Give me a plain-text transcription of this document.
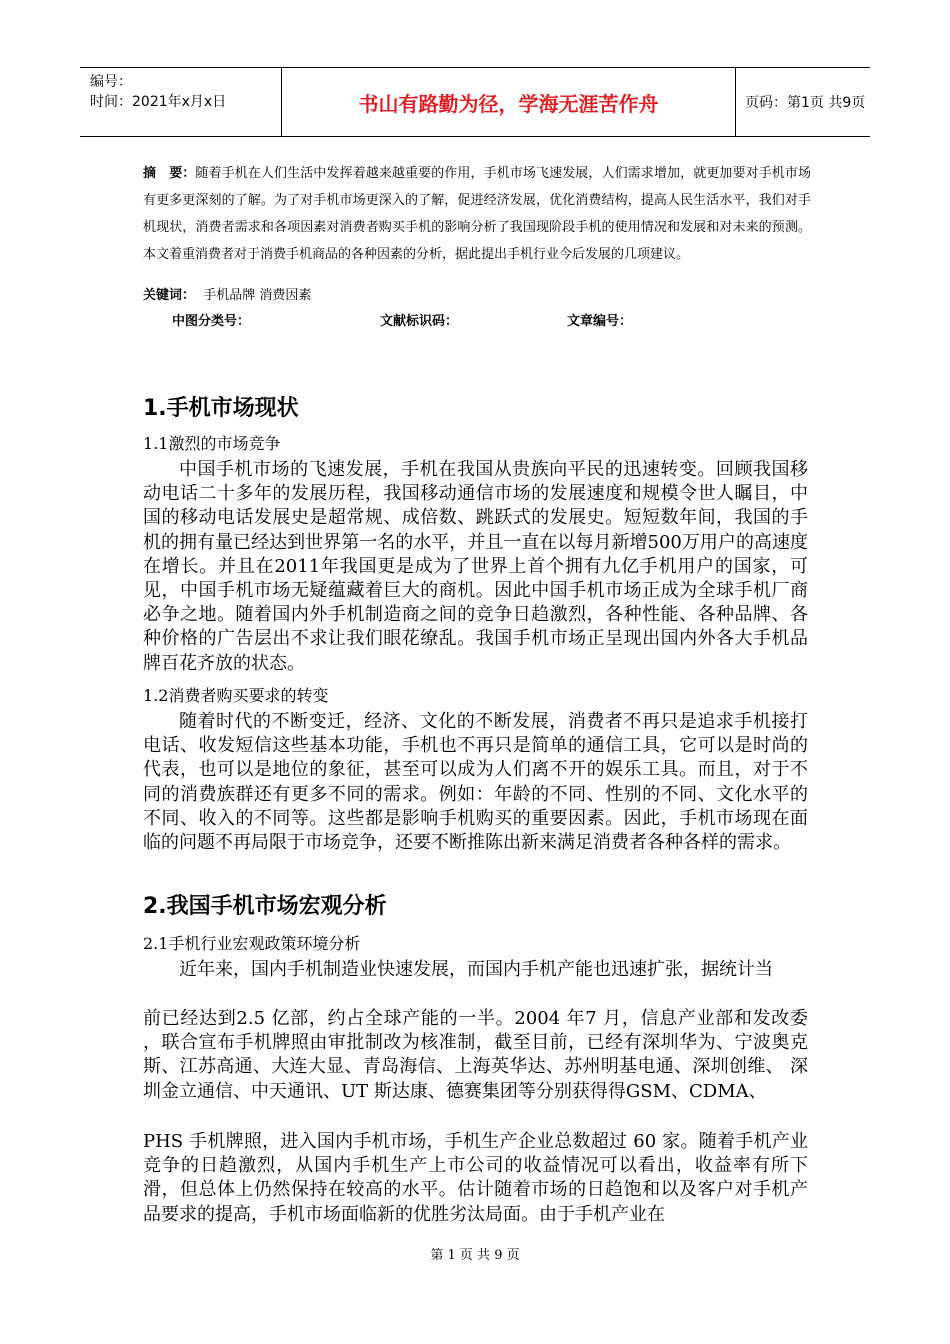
编号：
时间：2021年x月x日	书山有路勤为径，学海无涯苦作舟	页码：第1页 共9页
摘　要：随着手机在人们生活中发挥着越来越重要的作用，手机市场飞速发展，人们需求增加，就更加要对手机市场有更多更深刻的了解。为了对手机市场更深入的了解，促进经济发展，优化消费结构，提高人民生活水平，我们对手机现状，消费者需求和各项因素对消费者购买手机的影响分析了我国现阶段手机的使用情况和发展和对未来的预测。本文着重消费者对于消费手机商品的各种因素的分析，据此提出手机行业今后发展的几项建议。
关键词： 手机品牌 消费因素
中图分类号：	文献标识码：	文章编号：
1.手机市场现状
1.1激烈的市场竞争
中国手机市场的飞速发展，手机在我国从贵族向平民的迅速转变。回顾我国移动电话二十多年的发展历程，我国移动通信市场的发展速度和规模令世人瞩目，中国的移动电话发展史是超常规、成倍数、跳跃式的发展史。短短数年间，我国的手机的拥有量已经达到世界第一名的水平，并且一直在以每月新增500万用户的高速度在增长。并且在2011年我国更是成为了世界上首个拥有九亿手机用户的国家，可见，中国手机市场无疑蕴藏着巨大的商机。因此中国手机市场正成为全球手机厂商必争之地。随着国内外手机制造商之间的竞争日趋激烈，各种性能、各种品牌、各种价格的广告层出不求让我们眼花缭乱。我国手机市场正呈现出国内外各大手机品牌百花齐放的状态。
1.2消费者购买要求的转变
随着时代的不断变迁，经济、文化的不断发展，消费者不再只是追求手机接打电话、收发短信这些基本功能，手机也不再只是简单的通信工具，它可以是时尚的代表，也可以是地位的象征，甚至可以成为人们离不开的娱乐工具。而且，对于不同的消费族群还有更多不同的需求。例如：年龄的不同、性别的不同、文化水平的不同、收入的不同等。这些都是影响手机购买的重要因素。因此，手机市场现在面临的问题不再局限于市场竞争，还要不断推陈出新来满足消费者各种各样的需求。
2.我国手机市场宏观分析
2.1手机行业宏观政策环境分析
近年来，国内手机制造业快速发展，而国内手机产能也迅速扩张，据统计当
前已经达到2.5 亿部，约占全球产能的一半。2004 年7 月，信息产业部和发改委 ，联合宣布手机牌照由审批制改为核准制，截至目前，已经有深圳华为、宁波奥克斯、江苏高通、大连大显、青岛海信、上海英华达、苏州明基电通、深圳创维、 深圳金立通信、中天通讯、UT 斯达康、德赛集团等分别获得得GSM、CDMA、
PHS 手机牌照，进入国内手机市场，手机生产企业总数超过 60 家。随着手机产业竞争的日趋激烈，从国内手机生产上市公司的收益情况可以看出，收益率有所下滑，但总体上仍然保持在较高的水平。估计随着市场的日趋饱和以及客户对手机产品要求的提高，手机市场面临新的优胜劣汰局面。由于手机产业在
第 1 页 共 9 页
